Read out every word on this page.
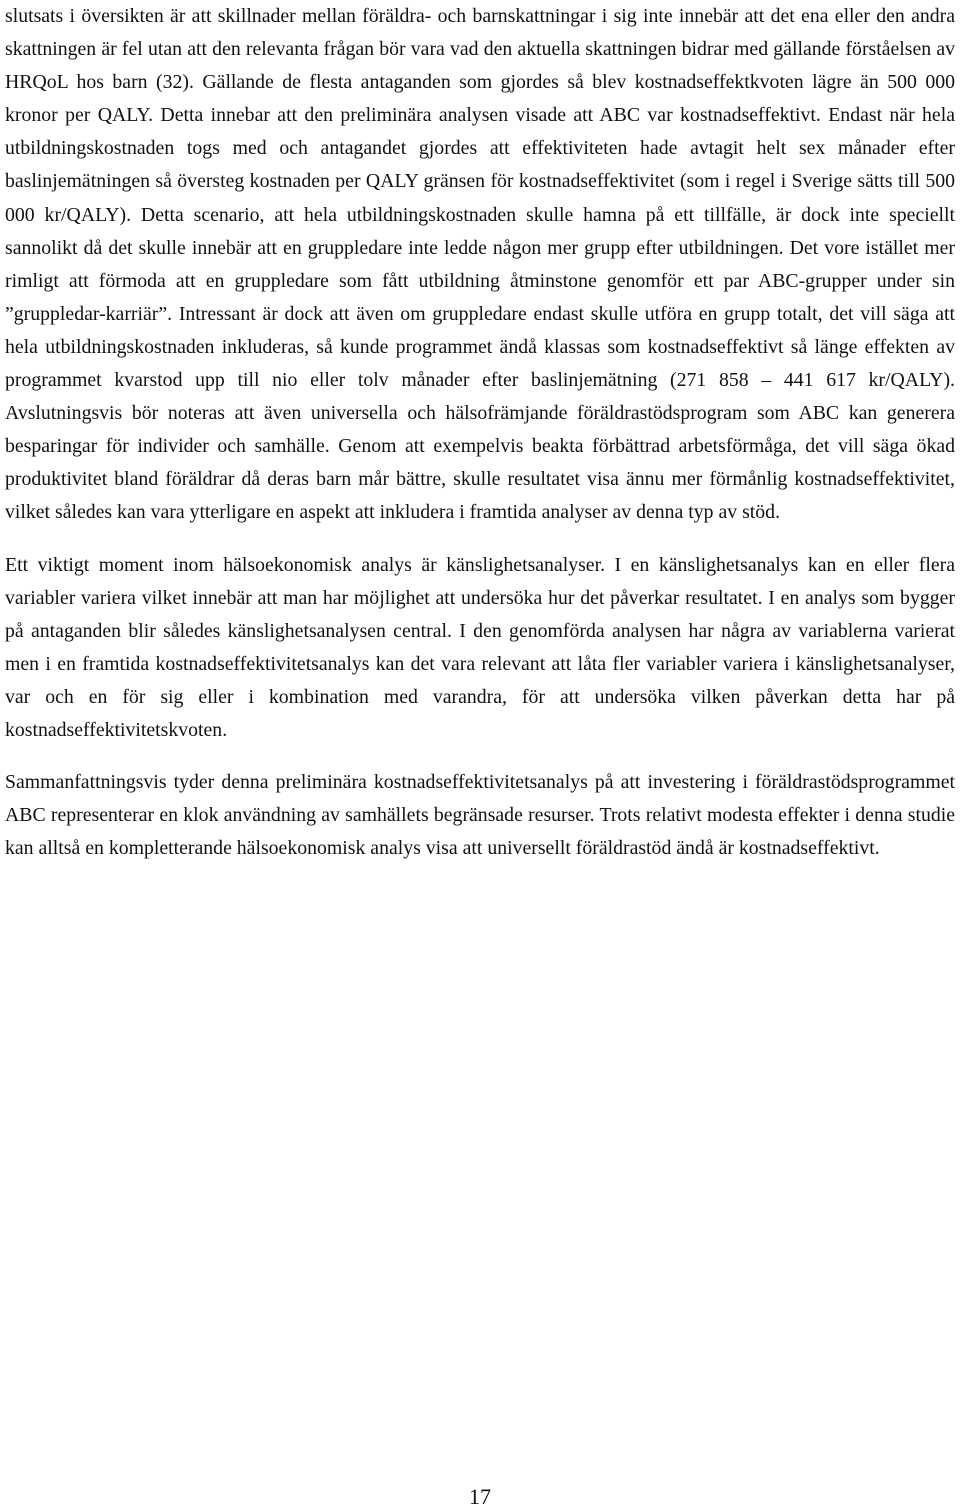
slutsats i översikten är att skillnader mellan föräldra- och barnskattningar i sig inte innebär att det ena eller den andra skattningen är fel utan att den relevanta frågan bör vara vad den aktuella skattningen bidrar med gällande förståelsen av HRQoL hos barn (32). Gällande de flesta antaganden som gjordes så blev kostnadseffektkvoten lägre än 500 000 kronor per QALY. Detta innebar att den preliminära analysen visade att ABC var kostnadseffektivt. Endast när hela utbildningskostnaden togs med och antagandet gjordes att effektiviteten hade avtagit helt sex månader efter baslinjemätningen så översteg kostnaden per QALY gränsen för kostnadseffektivitet (som i regel i Sverige sätts till 500 000 kr/QALY). Detta scenario, att hela utbildningskostnaden skulle hamna på ett tillfälle, är dock inte speciellt sannolikt då det skulle innebär att en gruppledare inte ledde någon mer grupp efter utbildningen. Det vore istället mer rimligt att förmoda att en gruppledare som fått utbildning åtminstone genomför ett par ABC-grupper under sin ”gruppledar-karriär”. Intressant är dock att även om gruppledare endast skulle utföra en grupp totalt, det vill säga att hela utbildningskostnaden inkluderas, så kunde programmet ändå klassas som kostnadseffektivt så länge effekten av programmet kvarstod upp till nio eller tolv månader efter baslinjemätning (271 858 – 441 617 kr/QALY). Avslutningsvis bör noteras att även universella och hälsofrämjande föräldrastödsprogram som ABC kan generera besparingar för individer och samhälle. Genom att exempelvis beakta förbättrad arbetsförmåga, det vill säga ökad produktivitet bland föräldrar då deras barn mår bättre, skulle resultatet visa ännu mer förmånlig kostnadseffektivitet, vilket således kan vara ytterligare en aspekt att inkludera i framtida analyser av denna typ av stöd.

Ett viktigt moment inom hälsoekonomisk analys är känslighetsanalyser. I en känslighetsanalys kan en eller flera variabler variera vilket innebär att man har möjlighet att undersöka hur det påverkar resultatet. I en analys som bygger på antaganden blir således känslighetsanalysen central. I den genomförda analysen har några av variablerna varierat men i en framtida kostnadseffektivitetsanalys kan det vara relevant att låta fler variabler variera i känslighetsanalyser, var och en för sig eller i kombination med varandra, för att undersöka vilken påverkan detta har på kostnadseffektivitetskvoten.

Sammanfattningsvis tyder denna preliminära kostnadseffektivitetsanalys på att investering i föräldrastödsprogrammet ABC representerar en klok användning av samhällets begränsade resurser. Trots relativt modesta effekter i denna studie kan alltså en kompletterande hälsoekonomisk analys visa att universellt föräldrastöd ändå är kostnadseffektivt.

17
